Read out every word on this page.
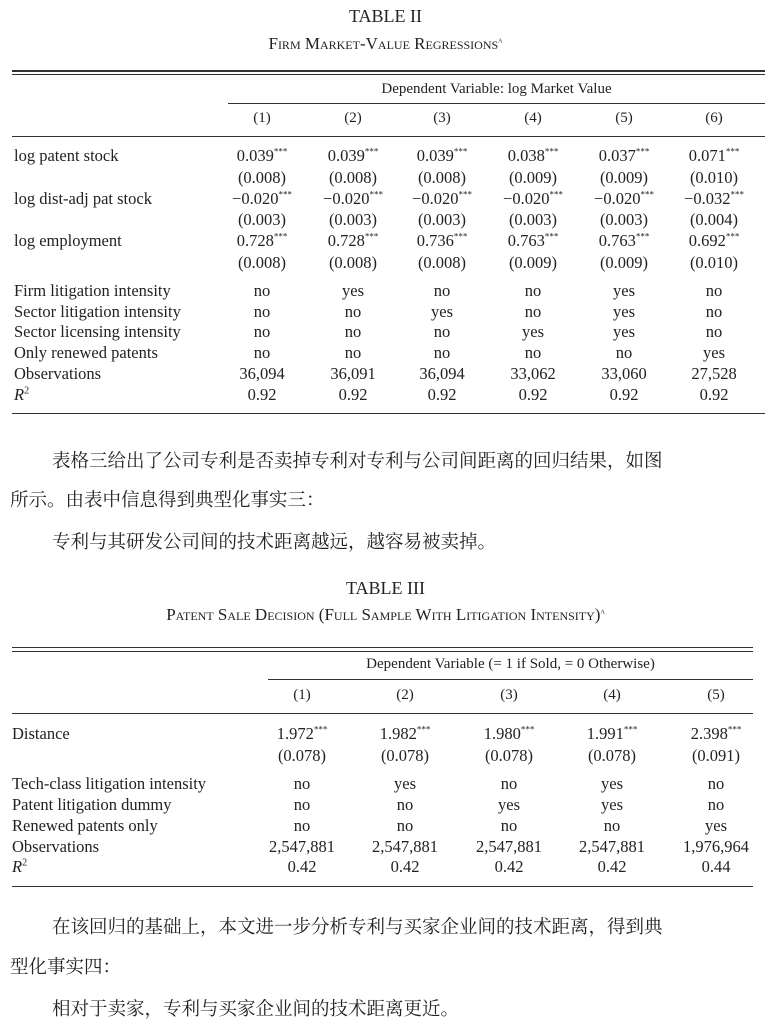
TABLE II
Firm Market-Value Regressions$^a$
Dependent Variable: log Market Value
(1)	(2)	(3)	(4)	(5)	(6)
log patent stock	0.039*** 0.039*** 0.039*** 0.038*** 0.037*** 0.071***
(0.008)	(0.008) (0.008)	(0.009)	(0.009)	(0.010)
log dist-adj pat stock	−0.020*** −0.020*** −0.020*** −0.020*** −0.020*** −0.032***
(0.003)	(0.003) (0.003)	(0.003)	(0.003)	(0.004)
log employment	0.728*** 0.728*** 0.736*** 0.763*** 0.763*** 0.692***
(0.008)	(0.008) (0.008)	(0.009)	(0.009)	(0.010)
Firm litigation intensity	no	yes	no	no	yes	no
Sector litigation intensity	no	no	yes	no	yes	no
Sector licensing intensity	no	no	no	yes	yes	no
Only renewed patents	no	no	no	no	no	yes
Observations	36,094	36,091	36,094	33,062	33,060	27,528
$R^2$	0.92	0.92	0.92	0.92	0.92	0.92
表格三给出了公司专利是否卖掉专利对专利与公司间距离的回归结果，如图
所示。由表中信息得到典型化事实三：
专利与其研发公司间的技术距离越远，越容易被卖掉。
TABLE III
Patent Sale Decision (Full Sample With Litigation Intensity)$^a$
Dependent Variable (= 1 if Sold, = 0 Otherwise)
(1)	(2)	(3)	(4)	(5)
Distance	1.972***	1.982***	1.980***	1.991***	2.398***
(0.078)	(0.078)	(0.078)	(0.078)	(0.091)
Tech-class litigation intensity	no	yes	no	yes	no
Patent litigation dummy	no	no	yes	yes	no
Renewed patents only	no	no	no	no	yes
Observations	2,547,881 2,547,881 2,547,881 2,547,881 1,976,964
$R^2$	0.42	0.42	0.42	0.42	0.44
在该回归的基础上，本文进一步分析专利与买家企业间的技术距离，得到典
型化事实四：
相对于卖家，专利与买家企业间的技术距离更近。
